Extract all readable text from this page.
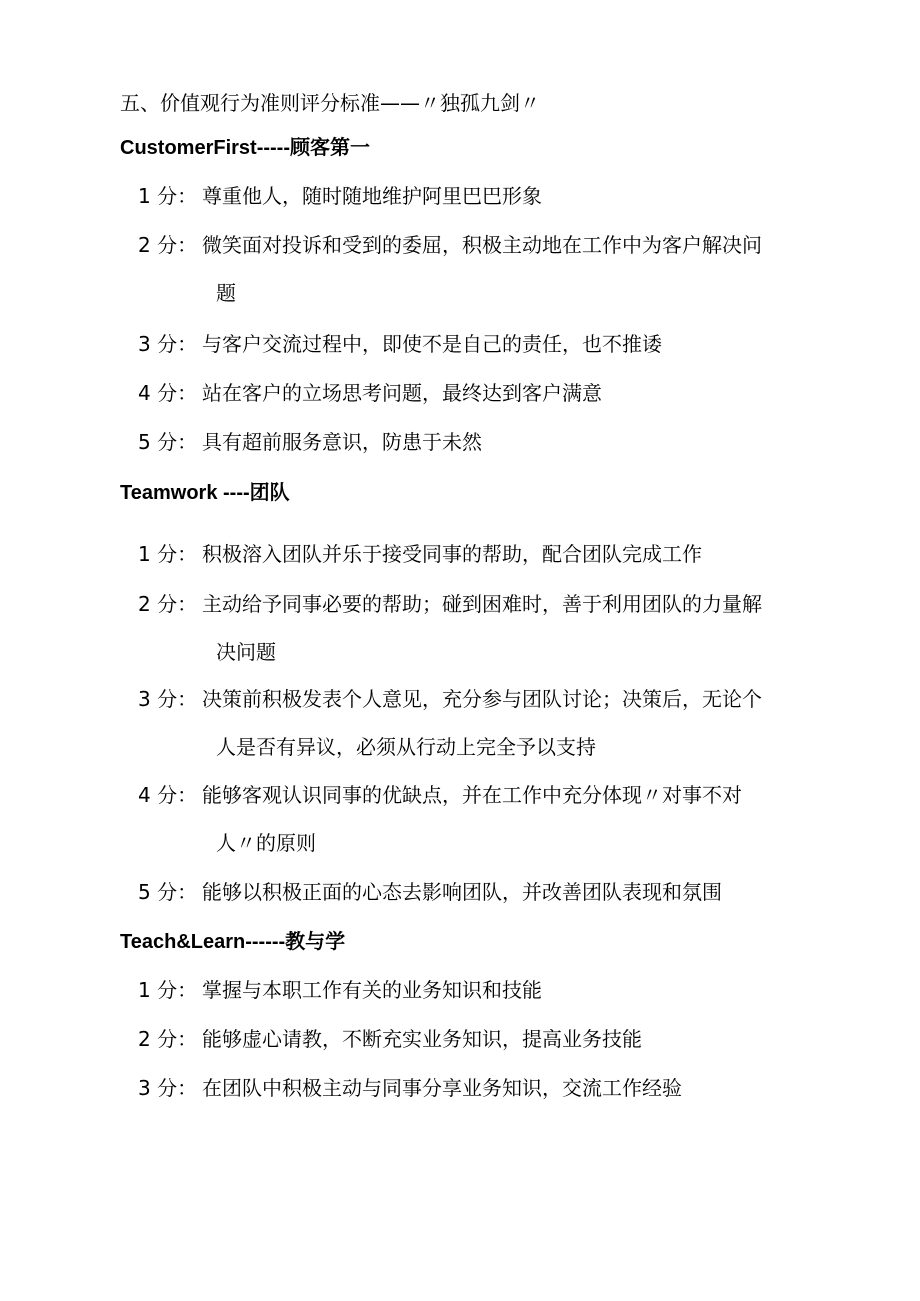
五、价值观行为准则评分标准——〃独孤九剑〃
CustomerFirst-----顾客第一
1 分： 尊重他人，随时随地维护阿里巴巴形象
2 分： 微笑面对投诉和受到的委屈，积极主动地在工作中为客户解决问
题
3 分： 与客户交流过程中，即使不是自己的责任，也不推诿
4 分： 站在客户的立场思考问题，最终达到客户满意
5 分： 具有超前服务意识，防患于未然
Teamwork ----团队
1 分： 积极溶入团队并乐于接受同事的帮助，配合团队完成工作
2 分： 主动给予同事必要的帮助；碰到困难时，善于利用团队的力量解
决问题
3 分： 决策前积极发表个人意见，充分参与团队讨论；决策后，无论个
人是否有异议，必须从行动上完全予以支持
4 分： 能够客观认识同事的优缺点，并在工作中充分体现〃对事不对
人〃的原则
5 分： 能够以积极正面的心态去影响团队，并改善团队表现和氛围
Teach&Learn------教与学
1 分： 掌握与本职工作有关的业务知识和技能
2 分： 能够虚心请教，不断充实业务知识，提高业务技能
3 分： 在团队中积极主动与同事分享业务知识，交流工作经验
